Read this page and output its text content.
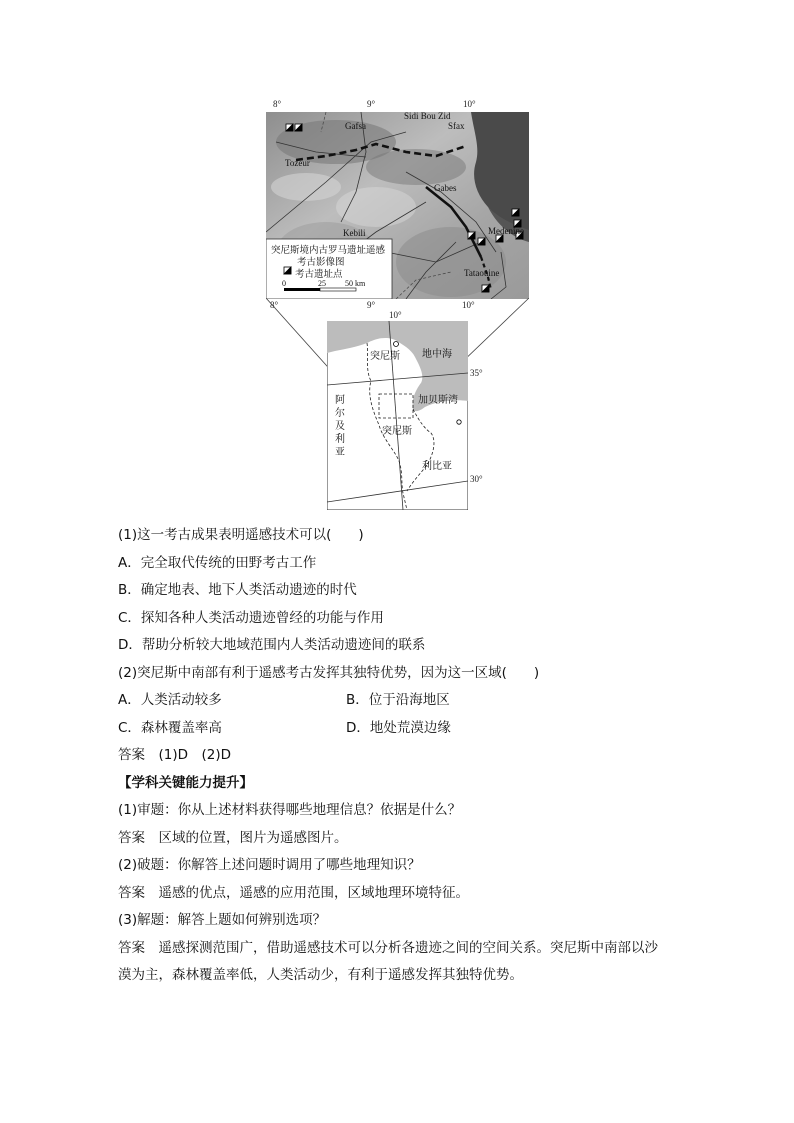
8°	9°	10°
Gafsa
Sidi Bou Zid
Sfax
Tozeur
Gabes
Kebili	Medenine
Tataouine
突尼斯境内古罗马遗址遥感
考古影像图
考古遗址点
0	25 50 km
8°	9°	10°
10°
35°
30°
突尼斯 地中海
加贝斯湾
阿
尔
及
利
亚
突尼斯
利比亚
(1)这一考古成果表明遥感技术可以(　　)
A．完全取代传统的田野考古工作
B．确定地表、地下人类活动遗迹的时代
C．探知各种人类活动遗迹曾经的功能与作用
D．帮助分析较大地域范围内人类活动遗迹间的联系
(2)突尼斯中南部有利于遥感考古发挥其独特优势，因为这一区域(　　)
A．人类活动较多	B．位于沿海地区
C．森林覆盖率高	D．地处荒漠边缘
答案　(1)D　(2)D
【学科关键能力提升】
(1)审题：你从上述材料获得哪些地理信息？依据是什么？
答案　区域的位置，图片为遥感图片。
(2)破题：你解答上述问题时调用了哪些地理知识？
答案　遥感的优点，遥感的应用范围，区域地理环境特征。
(3)解题：解答上题如何辨别选项？
答案　遥感探测范围广，借助遥感技术可以分析各遗迹之间的空间关系。突尼斯中南部以沙
漠为主，森林覆盖率低，人类活动少，有利于遥感发挥其独特优势。
